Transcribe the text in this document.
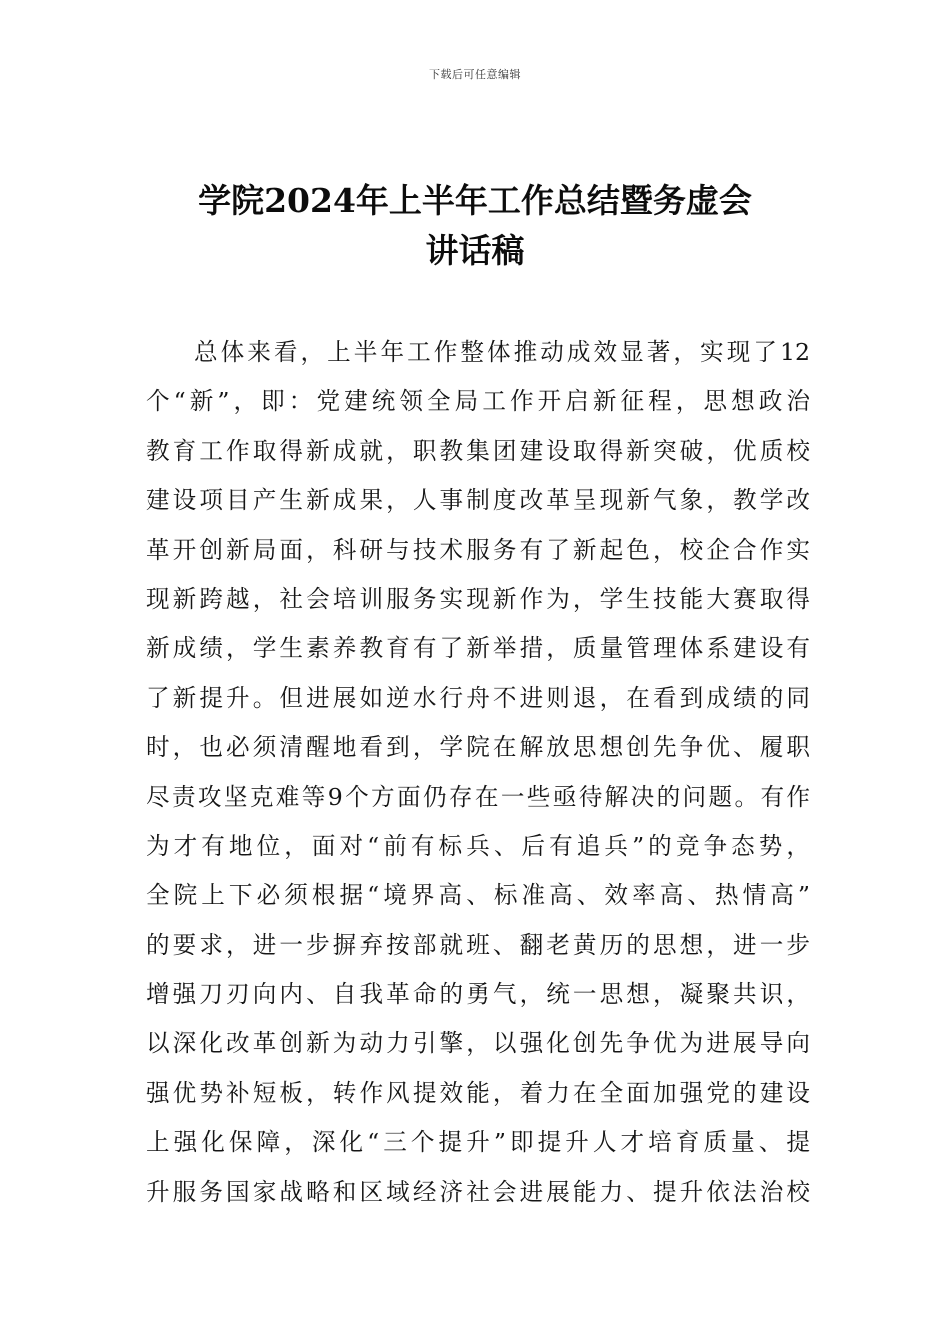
下载后可任意编辑
学院2024年上半年工作总结暨务虚会
讲话稿
总体来看，上半年工作整体推动成效显著，实现了12
个“新”，即：党建统领全局工作开启新征程，思想政治
教育工作取得新成就，职教集团建设取得新突破，优质校
建设项目产生新成果，人事制度改革呈现新气象，教学改
革开创新局面，科研与技术服务有了新起色，校企合作实
现新跨越，社会培训服务实现新作为，学生技能大赛取得
新成绩，学生素养教育有了新举措，质量管理体系建设有
了新提升。但进展如逆水行舟不进则退，在看到成绩的同
时，也必须清醒地看到，学院在解放思想创先争优、履职
尽责攻坚克难等9个方面仍存在一些亟待解决的问题。有作
为才有地位，面对“前有标兵、后有追兵”的竞争态势，
全院上下必须根据“境界高、标准高、效率高、热情高”
的要求，进一步摒弃按部就班、翻老黄历的思想，进一步
增强刀刃向内、自我革命的勇气，统一思想，凝聚共识，
以深化改革创新为动力引擎，以强化创先争优为进展导向
强优势补短板，转作风提效能，着力在全面加强党的建设
上强化保障，深化“三个提升”即提升人才培育质量、提
升服务国家战略和区域经济社会进展能力、提升依法治校
